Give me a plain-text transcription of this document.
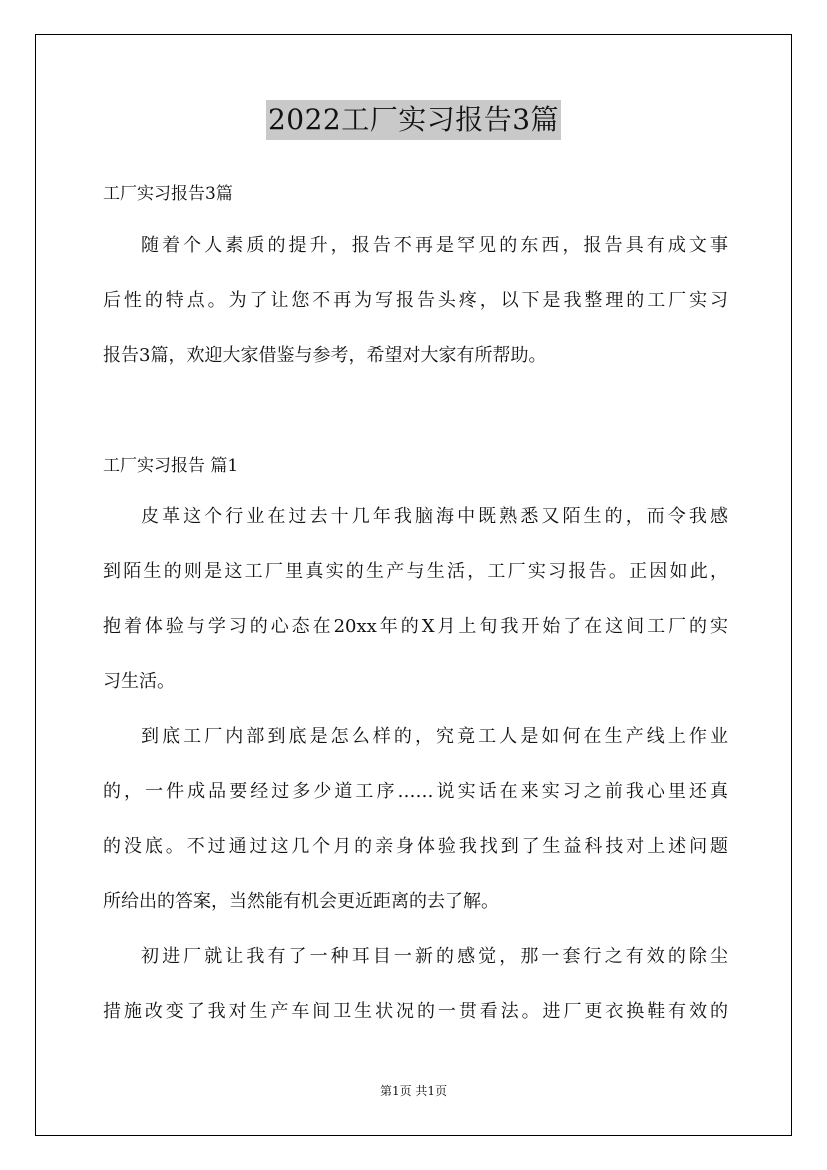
2022工厂实习报告3篇
工厂实习报告3篇
随着个人素质的提升，报告不再是罕见的东西，报告具有成文事
后性的特点。为了让您不再为写报告头疼，以下是我整理的工厂实习
报告3篇，欢迎大家借鉴与参考，希望对大家有所帮助。
工厂实习报告 篇1
皮革这个行业在过去十几年我脑海中既熟悉又陌生的，而令我感
到陌生的则是这工厂里真实的生产与生活，工厂实习报告。正因如此，
抱着体验与学习的心态在20xx年的X月上旬我开始了在这间工厂的实
习生活。
到底工厂内部到底是怎么样的，究竟工人是如何在生产线上作业
的，一件成品要经过多少道工序……说实话在来实习之前我心里还真
的没底。不过通过这几个月的亲身体验我找到了生益科技对上述问题
所给出的答案，当然能有机会更近距离的去了解。
初进厂就让我有了一种耳目一新的感觉，那一套行之有效的除尘
措施改变了我对生产车间卫生状况的一贯看法。进厂更衣换鞋有效的
第1页 共1页
